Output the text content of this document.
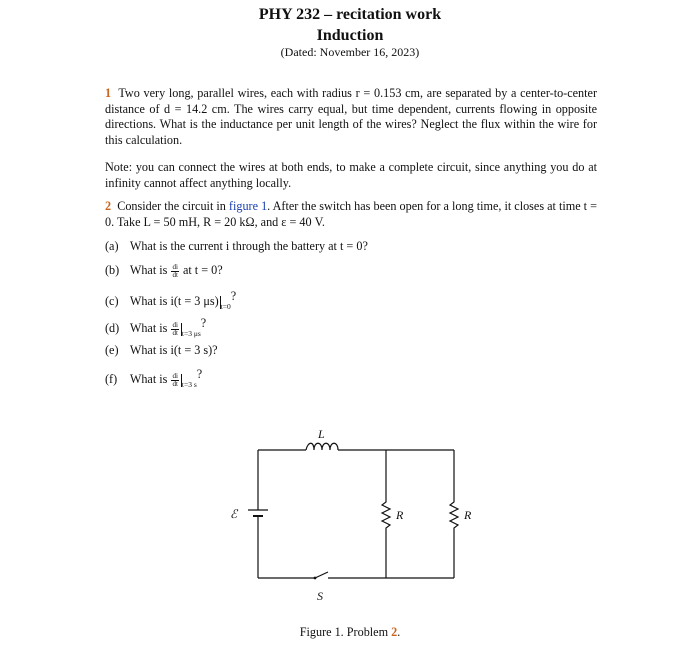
PHY 232 – recitation work
Induction
(Dated: November 16, 2023)
1 Two very long, parallel wires, each with radius r = 0.153 cm, are separated by a center-to-center distance of d = 14.2 cm. The wires carry equal, but time dependent, currents flowing in opposite directions. What is the inductance per unit length of the wires? Neglect the flux within the wire for this calculation.
Note: you can connect the wires at both ends, to make a complete circuit, since anything you do at infinity cannot affect anything locally.
2 Consider the circuit in figure 1. After the switch has been open for a long time, it closes at time t = 0. Take L = 50 mH, R = 20 kΩ, and ε = 40 V.
(a) What is the current i through the battery at t = 0?
(b) What is $\frac{di}{dt}$ at t = 0?
(c) What is i(t = 3 μs) $_{t=0}$?
(d) What is $\frac{di}{dt} _{t=3 \mu s}$?
(e) What is i(t = 3 s)?
(f) What is $\frac{di}{dt} _{t=3 s}$?
L
ℰ	R	R
S
Figure 1. Problem 2.
